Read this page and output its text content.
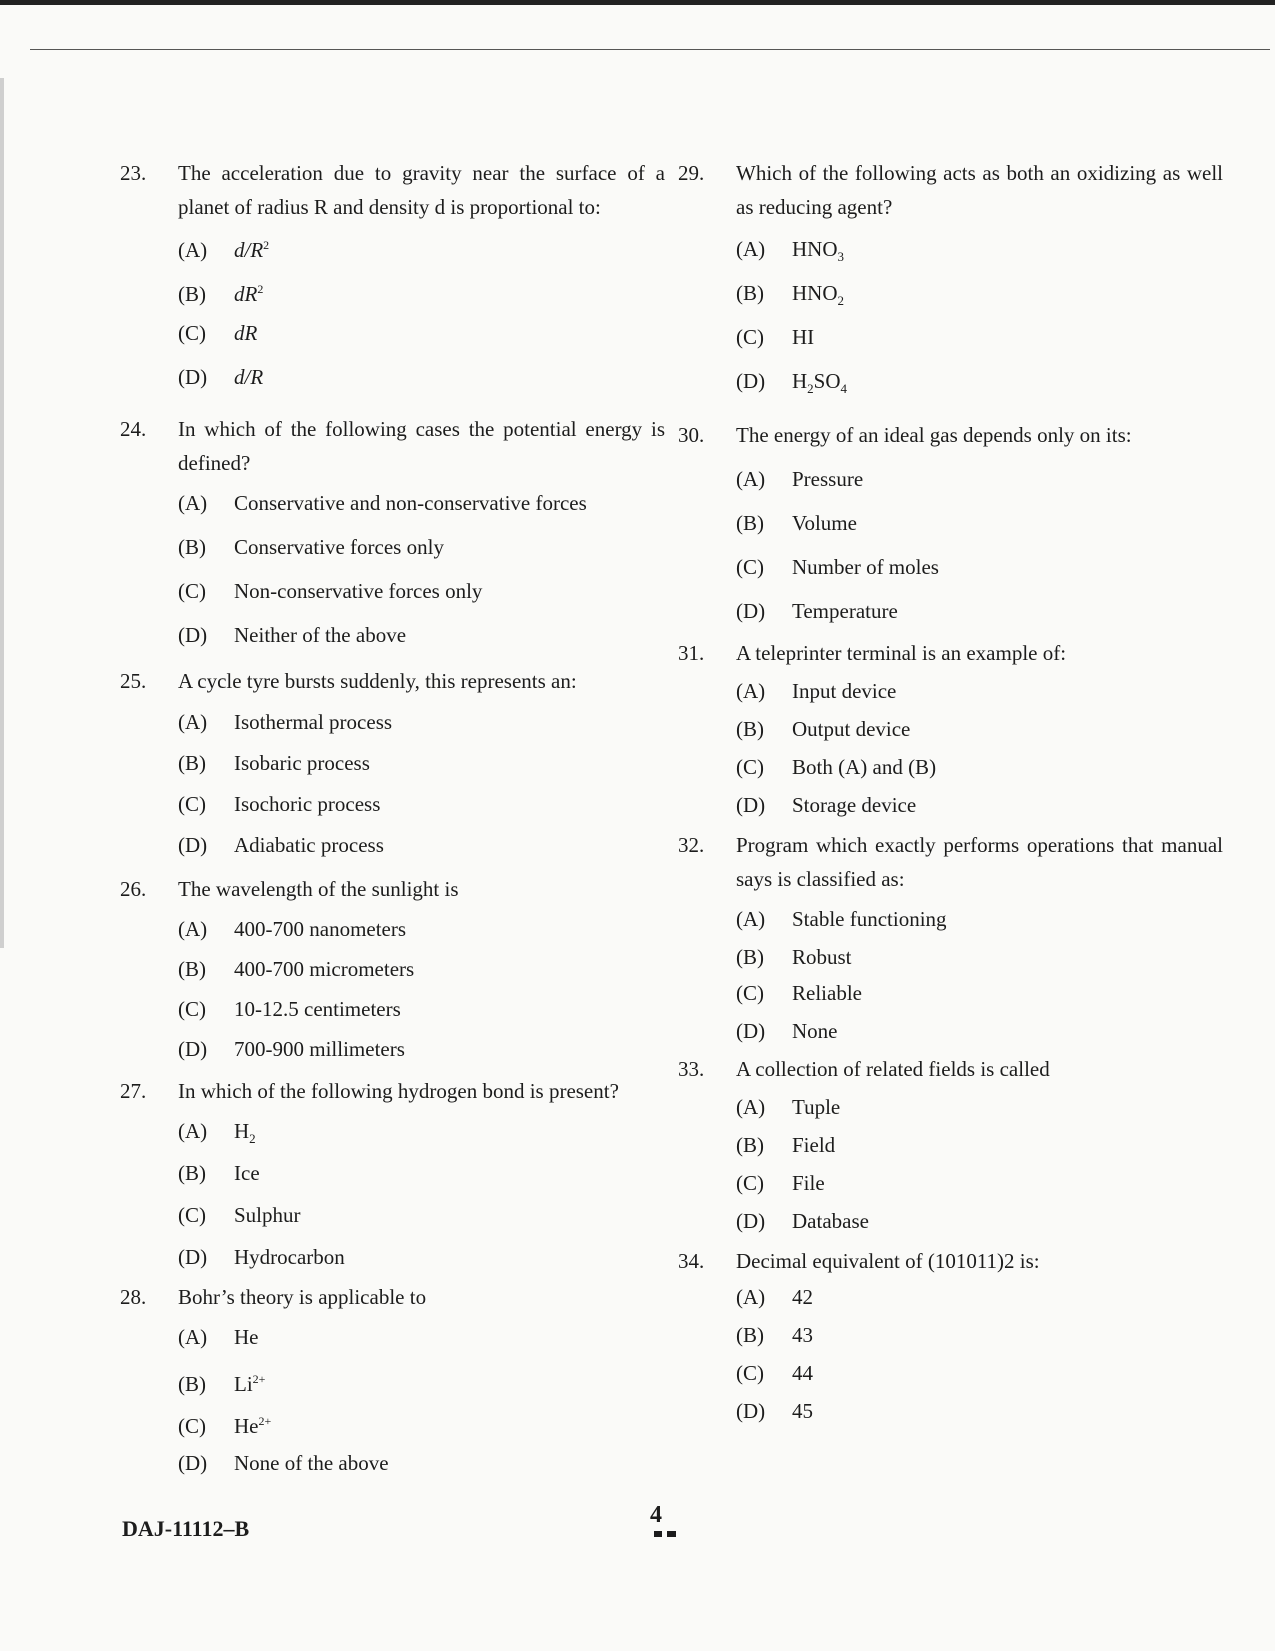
23.	The acceleration due to gravity near the surface of a planet of radius R and density d is proportional to:
(A) $d/R^2$
(B) $dR^2$
(C) dR
(D) d/R
24.	In which of the following cases the potential energy is defined?
(A) Conservative and non-conservative forces
(B) Conservative forces only
(C) Non-conservative forces only
(D) Neither of the above
25.	A cycle tyre bursts suddenly, this represents an:
(A) Isothermal process
(B) Isobaric process
(C) Isochoric process
(D) Adiabatic process
26.	The wavelength of the sunlight is
(A) 400-700 nanometers
(B) 400-700 micrometers
(C) 10-12.5 centimeters
(D) 700-900 millimeters
27.	In which of the following hydrogen bond is present?
(A) $H_2$
(B) Ice
(C) Sulphur
(D) Hydrocarbon
28.	Bohr’s theory is applicable to
(A) He
(B) $Li^{2+}$
(C) $He^{2+}$
(D) None of the above
29.	Which of the following acts as both an oxidizing as well as reducing agent?
(A) $HNO_3$
(B) $HNO_2$
(C) HI
(D) $H_2SO_4$
30.	The energy of an ideal gas depends only on its:
(A) Pressure
(B) Volume
(C) Number of moles
(D) Temperature
31.	A teleprinter terminal is an example of:
(A) Input device
(B) Output device
(C) Both (A) and (B)
(D) Storage device
32.	Program which exactly performs operations that manual says is classified as:
(A) Stable functioning
(B) Robust
(C) Reliable
(D) None
33.	A collection of related fields is called
(A) Tuple
(B) Field
(C) File
(D) Database
34.	Decimal equivalent of (101011)2 is:
(A) 42
(B) 43
(C) 44
(D) 45
DAJ-11112–B
4
